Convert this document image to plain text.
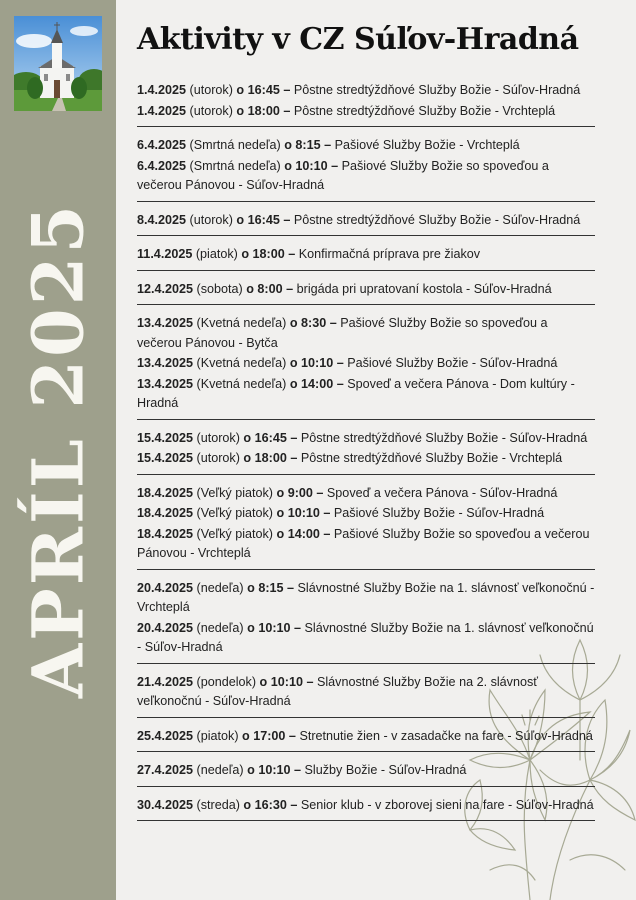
APRÍL 2025
Aktivity v CZ Súľov-Hradná
1.4.2025 (utorok) o 16:45 – Pôstne stredtýždňové Služby Božie - Súľov-Hradná
1.4.2025 (utorok) o 18:00 – Pôstne stredtýždňové Služby Božie - Vrchteplá
6.4.2025 (Smrtná nedeľa) o 8:15 – Pašiové Služby Božie - Vrchteplá
6.4.2025 (Smrtná nedeľa) o 10:10 – Pašiové Služby Božie so spoveďou a večerou Pánovou - Súľov-Hradná
8.4.2025 (utorok) o 16:45 – Pôstne stredtýždňové Služby Božie - Súľov-Hradná
11.4.2025 (piatok) o 18:00 – Konfirmačná príprava pre žiakov
12.4.2025 (sobota) o 8:00 – brigáda pri upratovaní kostola - Súľov-Hradná
13.4.2025 (Kvetná nedeľa) o 8:30 – Pašiové Služby Božie so spoveďou a večerou Pánovou - Bytča
13.4.2025 (Kvetná nedeľa) o 10:10 – Pašiové Služby Božie - Súľov-Hradná
13.4.2025 (Kvetná nedeľa) o 14:00 – Spoveď a večera Pánova - Dom kultúry - Hradná
15.4.2025 (utorok) o 16:45 – Pôstne stredtýždňové Služby Božie - Súľov-Hradná
15.4.2025 (utorok) o 18:00 – Pôstne stredtýždňové Služby Božie - Vrchteplá
18.4.2025 (Veľký piatok) o 9:00 – Spoveď a večera Pánova - Súľov-Hradná
18.4.2025 (Veľký piatok) o 10:10 – Pašiové Služby Božie - Súľov-Hradná
18.4.2025 (Veľký piatok) o 14:00 – Pašiové Služby Božie so spoveďou a večerou Pánovou - Vrchteplá
20.4.2025 (nedeľa) o 8:15 – Slávnostné Služby Božie na 1. slávnosť veľkonočnú - Vrchteplá
20.4.2025 (nedeľa) o 10:10 – Slávnostné Služby Božie na 1. slávnosť veľkonočnú - Súľov-Hradná
21.4.2025 (pondelok) o 10:10 – Slávnostné Služby Božie na 2. slávnosť veľkonočnú - Súľov-Hradná
25.4.2025 (piatok) o 17:00 – Stretnutie žien - v zasadačke na fare - Súľov-Hradná
27.4.2025 (nedeľa) o 10:10 – Služby Božie - Súľov-Hradná
30.4.2025 (streda) o 16:30 – Senior klub - v zborovej sieni na fare - Súľov-Hradná
